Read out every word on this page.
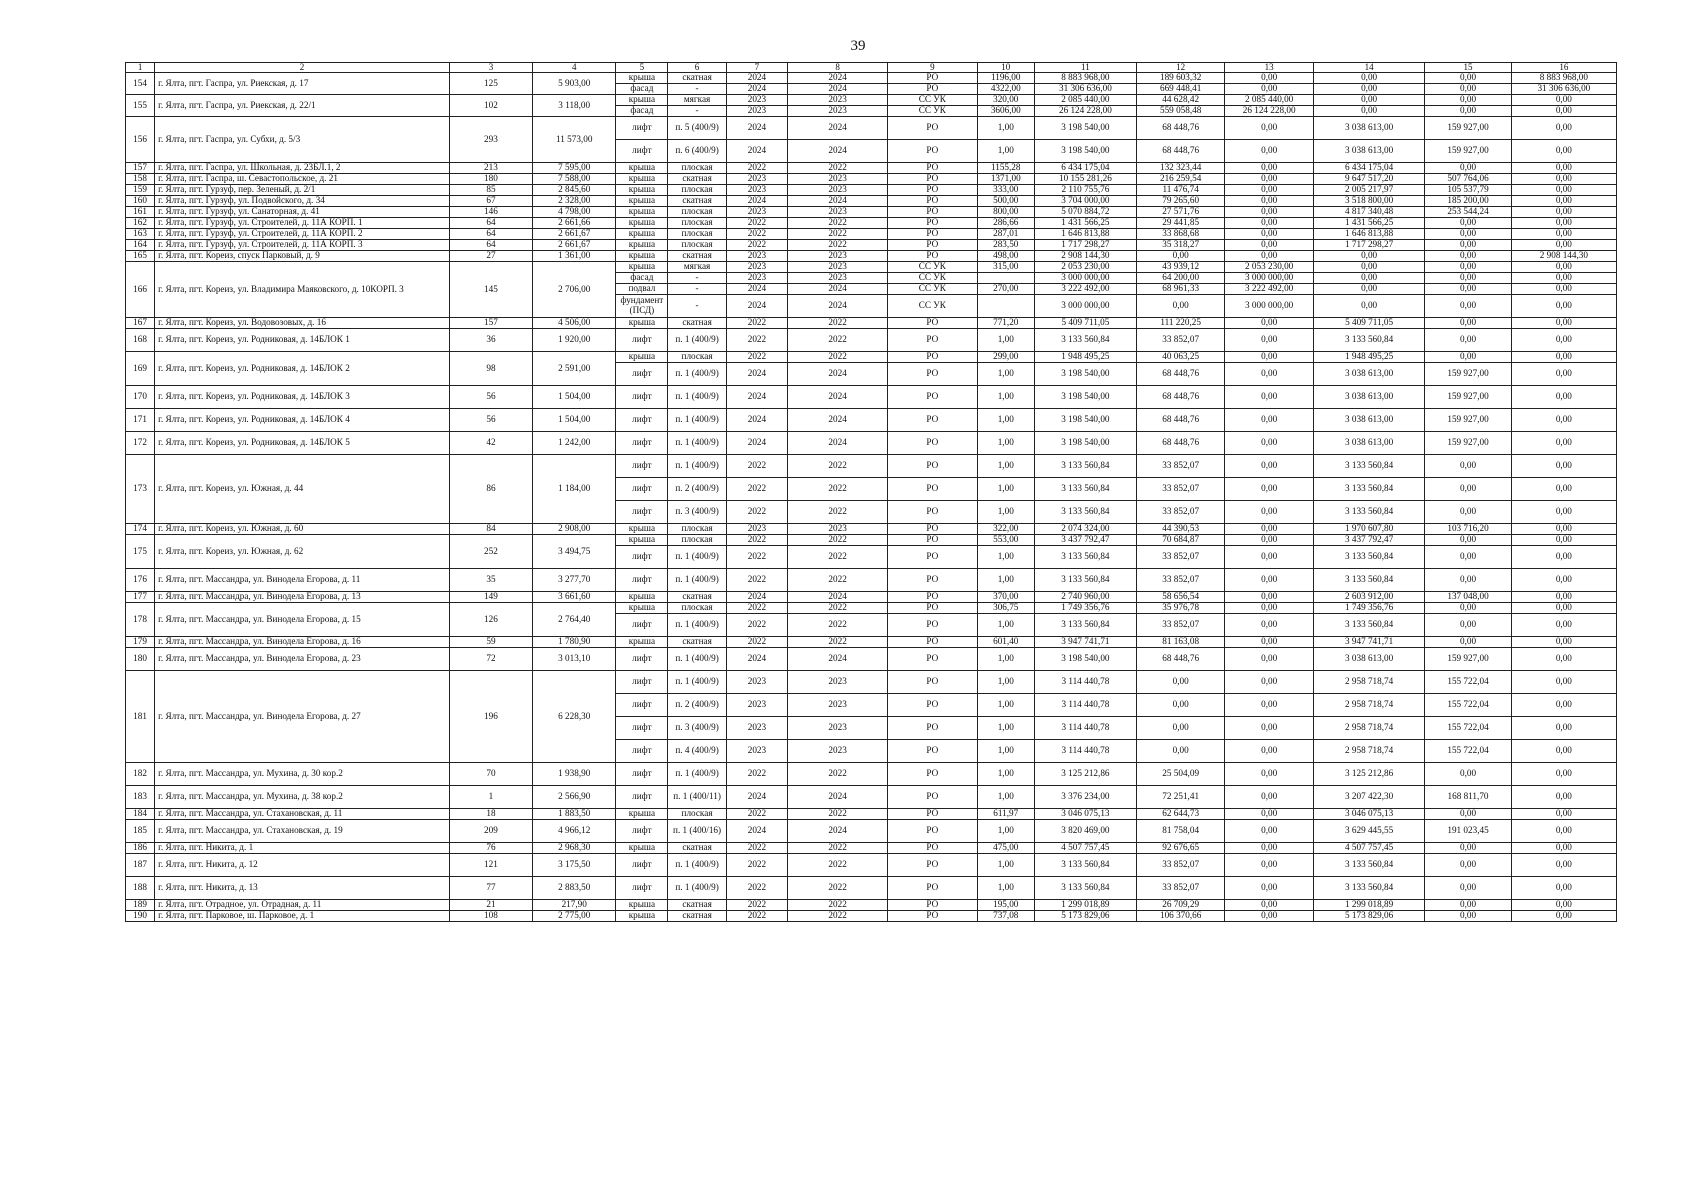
39
1	2	3	4	5	6	7	8	9	10	11	12	13	14	15	16
154	г. Ялта, пгт. Гаспра, ул. Риекская, д. 17	125	5 903,00	крыша	скатная	2024	2024	РО	1196,00	8 883 968,00	189 603,32	0,00	0,00	0,00	8 883 968,00
				фасад	-	2024	2024	РО	4322,00	31 306 636,00	669 448,41	0,00	0,00	0,00	31 306 636,00
155	г. Ялта, пгт. Гаспра, ул. Риекская, д. 22/1	102	3 118,00	крыша	мягкая	2023	2023	СС УК	320,00	2 085 440,00	44 628,42	2 085 440,00	0,00	0,00	0,00
				фасад	-	2023	2023	СС УК	3606,00	26 124 228,00	559 058,48	26 124 228,00	0,00	0,00	0,00
156	г. Ялта, пгт. Гаспра, ул. Субхи, д. 5/3	293	11 573,00	лифт	п. 5 (400/9)	2024	2024	РО	1,00	3 198 540,00	68 448,76	0,00	3 038 613,00	159 927,00	0,00
				лифт	п. 6 (400/9)	2024	2024	РО	1,00	3 198 540,00	68 448,76	0,00	3 038 613,00	159 927,00	0,00
157	г. Ялта, пгт. Гаспра, ул. Школьная, д. 23БЛ.1, 2	213	7 595,00	крыша	плоская	2022	2022	РО	1155,28	6 434 175,04	132 323,44	0,00	6 434 175,04	0,00	0,00
158	г. Ялта, пгт. Гаспра, ш. Севастопольское, д. 21	180	7 588,00	крыша	скатная	2023	2023	РО	1371,00	10 155 281,26	216 259,54	0,00	9 647 517,20	507 764,06	0,00
159	г. Ялта, пгт. Гурзуф, пер. Зеленый, д. 2/1	85	2 845,60	крыша	плоская	2023	2023	РО	333,00	2 110 755,76	11 476,74	0,00	2 005 217,97	105 537,79	0,00
160	г. Ялта, пгт. Гурзуф, ул. Подвойского, д. 34	67	2 328,00	крыша	скатная	2024	2024	РО	500,00	3 704 000,00	79 265,60	0,00	3 518 800,00	185 200,00	0,00
161	г. Ялта, пгт. Гурзуф, ул. Санаторная, д. 41	146	4 798,00	крыша	плоская	2023	2023	РО	800,00	5 070 884,72	27 571,76	0,00	4 817 340,48	253 544,24	0,00
162	г. Ялта, пгт. Гурзуф, ул. Строителей, д. 11А КОРП. 1	64	2 661,66	крыша	плоская	2022	2022	РО	286,66	1 431 566,25	29 441,85	0,00	1 431 566,25	0,00	0,00
163	г. Ялта, пгт. Гурзуф, ул. Строителей, д. 11А КОРП. 2	64	2 661,67	крыша	плоская	2022	2022	РО	287,01	1 646 813,88	33 868,68	0,00	1 646 813,88	0,00	0,00
164	г. Ялта, пгт. Гурзуф, ул. Строителей, д. 11А КОРП. 3	64	2 661,67	крыша	плоская	2022	2022	РО	283,50	1 717 298,27	35 318,27	0,00	1 717 298,27	0,00	0,00
165	г. Ялта, пгт. Кореиз, спуск Парковый, д. 9	27	1 361,00	крыша	скатная	2023	2023	РО	498,00	2 908 144,30	0,00	0,00	0,00	0,00	2 908 144,30
166	г. Ялта, пгт. Кореиз, ул. Владимира Маяковского, д. 10КОРП. 3	145	2 706,00	крыша	мягкая	2023	2023	СС УК	315,00	2 053 230,00	43 939,12	2 053 230,00	0,00	0,00	0,00
				фасад	-	2023	2023	СС УК		3 000 000,00	64 200,00	3 000 000,00	0,00	0,00	0,00
				подвал	-	2024	2024	СС УК	270,00	3 222 492,00	68 961,33	3 222 492,00	0,00	0,00	0,00
				фундамент (ПСД)	-	2024	2024	СС УК		3 000 000,00	0,00	3 000 000,00	0,00	0,00	0,00
167	г. Ялта, пгт. Кореиз, ул. Водовозовых, д. 16	157	4 506,00	крыша	скатная	2022	2022	РО	771,20	5 409 711,05	111 220,25	0,00	5 409 711,05	0,00	0,00
168	г. Ялта, пгт. Кореиз, ул. Родниковая, д. 14БЛОК 1	36	1 920,00	лифт	п. 1 (400/9)	2022	2022	РО	1,00	3 133 560,84	33 852,07	0,00	3 133 560,84	0,00	0,00
169	г. Ялта, пгт. Кореиз, ул. Родниковая, д. 14БЛОК 2	98	2 591,00	крыша	плоская	2022	2022	РО	299,00	1 948 495,25	40 063,25	0,00	1 948 495,25	0,00	0,00
				лифт	п. 1 (400/9)	2024	2024	РО	1,00	3 198 540,00	68 448,76	0,00	3 038 613,00	159 927,00	0,00
170	г. Ялта, пгт. Кореиз, ул. Родниковая, д. 14БЛОК 3	56	1 504,00	лифт	п. 1 (400/9)	2024	2024	РО	1,00	3 198 540,00	68 448,76	0,00	3 038 613,00	159 927,00	0,00
171	г. Ялта, пгт. Кореиз, ул. Родниковая, д. 14БЛОК 4	56	1 504,00	лифт	п. 1 (400/9)	2024	2024	РО	1,00	3 198 540,00	68 448,76	0,00	3 038 613,00	159 927,00	0,00
172	г. Ялта, пгт. Кореиз, ул. Родниковая, д. 14БЛОК 5	42	1 242,00	лифт	п. 1 (400/9)	2024	2024	РО	1,00	3 198 540,00	68 448,76	0,00	3 038 613,00	159 927,00	0,00
173	г. Ялта, пгт. Кореиз, ул. Южная, д. 44	86	1 184,00	лифт	п. 1 (400/9)	2022	2022	РО	1,00	3 133 560,84	33 852,07	0,00	3 133 560,84	0,00	0,00
				лифт	п. 2 (400/9)	2022	2022	РО	1,00	3 133 560,84	33 852,07	0,00	3 133 560,84	0,00	0,00
				лифт	п. 3 (400/9)	2022	2022	РО	1,00	3 133 560,84	33 852,07	0,00	3 133 560,84	0,00	0,00
174	г. Ялта, пгт. Кореиз, ул. Южная, д. 60	84	2 908,00	крыша	плоская	2023	2023	РО	322,00	2 074 324,00	44 390,53	0,00	1 970 607,80	103 716,20	0,00
175	г. Ялта, пгт. Кореиз, ул. Южная, д. 62	252	3 494,75	крыша	плоская	2022	2022	РО	553,00	3 437 792,47	70 684,87	0,00	3 437 792,47	0,00	0,00
				лифт	п. 1 (400/9)	2022	2022	РО	1,00	3 133 560,84	33 852,07	0,00	3 133 560,84	0,00	0,00
176	г. Ялта, пгт. Массандра, ул. Винодела Егорова, д. 11	35	3 277,70	лифт	п. 1 (400/9)	2022	2022	РО	1,00	3 133 560,84	33 852,07	0,00	3 133 560,84	0,00	0,00
177	г. Ялта, пгт. Массандра, ул. Винодела Егорова, д. 13	149	3 661,60	крыша	скатная	2024	2024	РО	370,00	2 740 960,00	58 656,54	0,00	2 603 912,00	137 048,00	0,00
178	г. Ялта, пгт. Массандра, ул. Винодела Егорова, д. 15	126	2 764,40	крыша	плоская	2022	2022	РО	306,75	1 749 356,76	35 976,78	0,00	1 749 356,76	0,00	0,00
				лифт	п. 1 (400/9)	2022	2022	РО	1,00	3 133 560,84	33 852,07	0,00	3 133 560,84	0,00	0,00
179	г. Ялта, пгт. Массандра, ул. Винодела Егорова, д. 16	59	1 780,90	крыша	скатная	2022	2022	РО	601,40	3 947 741,71	81 163,08	0,00	3 947 741,71	0,00	0,00
180	г. Ялта, пгт. Массандра, ул. Винодела Егорова, д. 23	72	3 013,10	лифт	п. 1 (400/9)	2024	2024	РО	1,00	3 198 540,00	68 448,76	0,00	3 038 613,00	159 927,00	0,00
181	г. Ялта, пгт. Массандра, ул. Винодела Егорова, д. 27	196	6 228,30	лифт	п. 1 (400/9)	2023	2023	РО	1,00	3 114 440,78	0,00	0,00	2 958 718,74	155 722,04	0,00
				лифт	п. 2 (400/9)	2023	2023	РО	1,00	3 114 440,78	0,00	0,00	2 958 718,74	155 722,04	0,00
				лифт	п. 3 (400/9)	2023	2023	РО	1,00	3 114 440,78	0,00	0,00	2 958 718,74	155 722,04	0,00
				лифт	п. 4 (400/9)	2023	2023	РО	1,00	3 114 440,78	0,00	0,00	2 958 718,74	155 722,04	0,00
182	г. Ялта, пгт. Массандра, ул. Мухина, д. 30 кор.2	70	1 938,90	лифт	п. 1 (400/9)	2022	2022	РО	1,00	3 125 212,86	25 504,09	0,00	3 125 212,86	0,00	0,00
183	г. Ялта, пгт. Массандра, ул. Мухина, д. 38 кор.2	1	2 566,90	лифт	п. 1 (400/11)	2024	2024	РО	1,00	3 376 234,00	72 251,41	0,00	3 207 422,30	168 811,70	0,00
184	г. Ялта, пгт. Массандра, ул. Стахановская, д. 11	18	1 883,50	крыша	плоская	2022	2022	РО	611,97	3 046 075,13	62 644,73	0,00	3 046 075,13	0,00	0,00
185	г. Ялта, пгт. Массандра, ул. Стахановская, д. 19	209	4 966,12	лифт	п. 1 (400/16)	2024	2024	РО	1,00	3 820 469,00	81 758,04	0,00	3 629 445,55	191 023,45	0,00
186	г. Ялта, пгт. Никита, д. 1	76	2 968,30	крыша	скатная	2022	2022	РО	475,00	4 507 757,45	92 676,65	0,00	4 507 757,45	0,00	0,00
187	г. Ялта, пгт. Никита, д. 12	121	3 175,50	лифт	п. 1 (400/9)	2022	2022	РО	1,00	3 133 560,84	33 852,07	0,00	3 133 560,84	0,00	0,00
188	г. Ялта, пгт. Никита, д. 13	77	2 883,50	лифт	п. 1 (400/9)	2022	2022	РО	1,00	3 133 560,84	33 852,07	0,00	3 133 560,84	0,00	0,00
189	г. Ялта, пгт. Отрадное, ул. Отрадная, д. 11	21	217,90	крыша	скатная	2022	2022	РО	195,00	1 299 018,89	26 709,29	0,00	1 299 018,89	0,00	0,00
190	г. Ялта, пгт. Парковое, ш. Парковое, д. 1	108	2 775,00	крыша	скатная	2022	2022	РО	737,08	5 173 829,06	106 370,66	0,00	5 173 829,06	0,00	0,00
